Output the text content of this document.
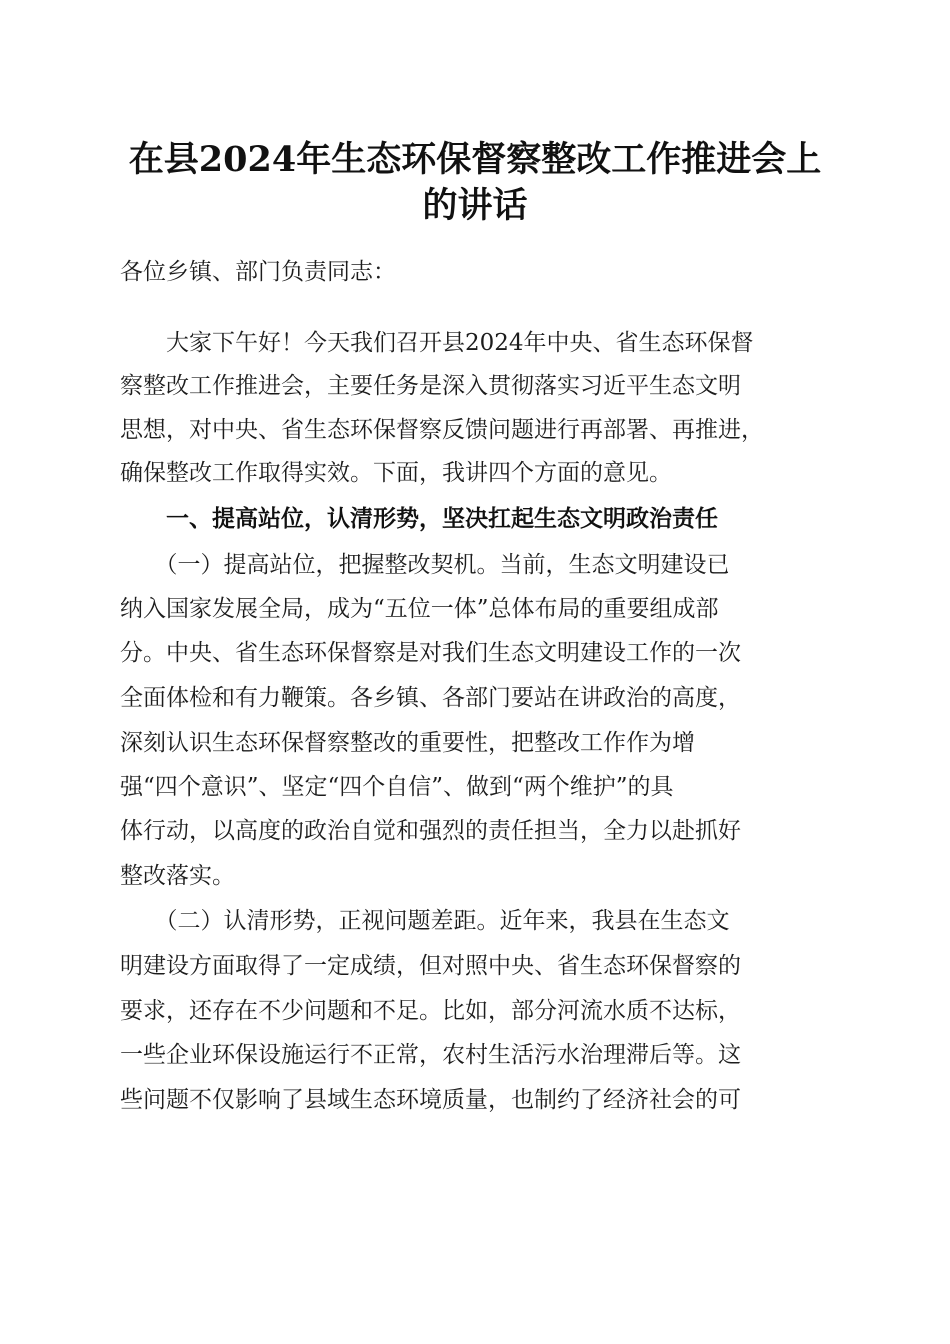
在县2024年生态环保督察整改工作推进会上
的讲话
各位乡镇、部门负责同志：
　　大家下午好！今天我们召开县2024年中央、省生态环保督
察整改工作推进会，主要任务是深入贯彻落实习近平生态文明
思想，对中央、省生态环保督察反馈问题进行再部署、再推进，
确保整改工作取得实效。下面，我讲四个方面的意见。
　　一、提高站位，认清形势，坚决扛起生态文明政治责任
　　（一）提高站位，把握整改契机。当前，生态文明建设已
纳入国家发展全局，成为“五位一体”总体布局的重要组成部
分。中央、省生态环保督察是对我们生态文明建设工作的一次
全面体检和有力鞭策。各乡镇、各部门要站在讲政治的高度，
深刻认识生态环保督察整改的重要性，把整改工作作为增
强“四个意识”、坚定“四个自信”、做到“两个维护”的具
体行动，以高度的政治自觉和强烈的责任担当，全力以赴抓好
整改落实。
　　（二）认清形势，正视问题差距。近年来，我县在生态文
明建设方面取得了一定成绩，但对照中央、省生态环保督察的
要求，还存在不少问题和不足。比如，部分河流水质不达标，
一些企业环保设施运行不正常，农村生活污水治理滞后等。这
些问题不仅影响了县域生态环境质量，也制约了经济社会的可
